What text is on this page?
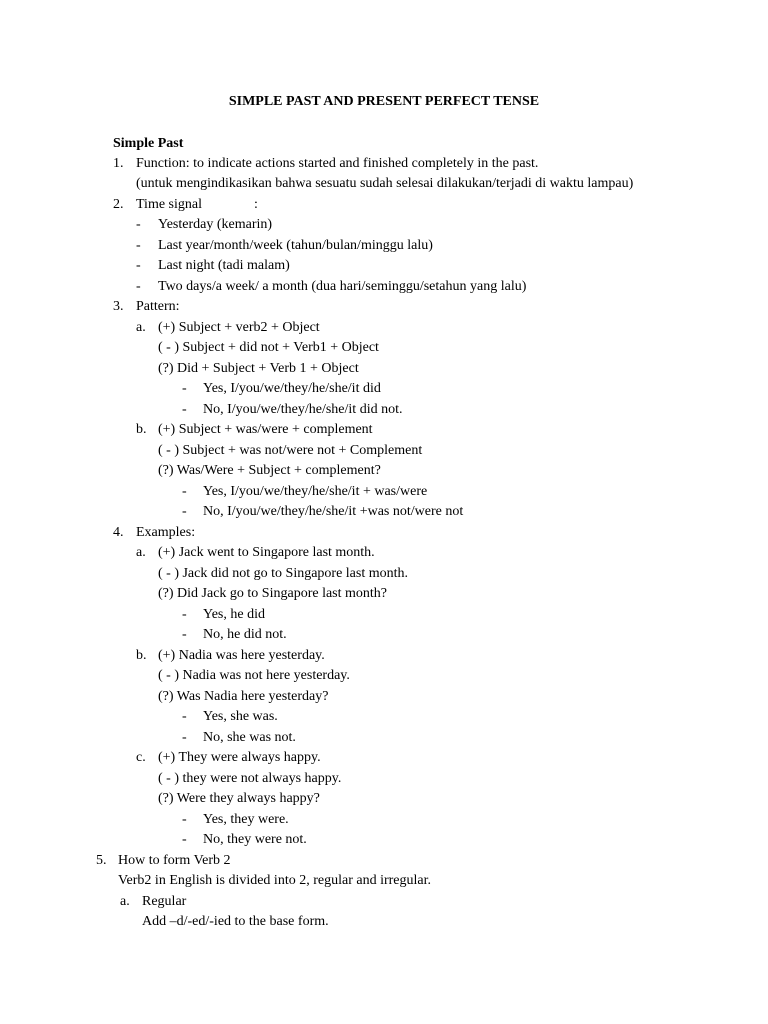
SIMPLE PAST AND PRESENT PERFECT TENSE
Simple Past
1. Function: to indicate actions started and finished completely in the past.
(untuk mengindikasikan bahwa sesuatu sudah selesai dilakukan/terjadi di waktu lampau)
2. Time signal	:
- Yesterday (kemarin)
- Last year/month/week (tahun/bulan/minggu lalu)
- Last night (tadi malam)
- Two days/a week/ a month (dua hari/seminggu/setahun yang lalu)
3. Pattern:
a. (+) Subject + verb2 + Object
( - ) Subject + did not + Verb1 + Object
(?) Did + Subject + Verb 1 + Object
- Yes, I/you/we/they/he/she/it did
- No, I/you/we/they/he/she/it did not.
b. (+) Subject + was/were + complement
( - ) Subject + was not/were not + Complement
(?) Was/Were + Subject + complement?
- Yes, I/you/we/they/he/she/it + was/were
- No, I/you/we/they/he/she/it +was not/were not
4. Examples:
a. (+) Jack went to Singapore last month.
( - ) Jack did not go to Singapore last month.
(?) Did Jack go to Singapore last month?
- Yes, he did
- No, he did not.
b. (+) Nadia was here yesterday.
( - ) Nadia was not here yesterday.
(?) Was Nadia here yesterday?
- Yes, she was.
- No, she was not.
c. (+) They were always happy.
( - ) they were not always happy.
(?) Were they always happy?
- Yes, they were.
- No, they were not.
5. How to form Verb 2
Verb2 in English is divided into 2, regular and irregular.
a. Regular
Add –d/-ed/-ied to the base form.
